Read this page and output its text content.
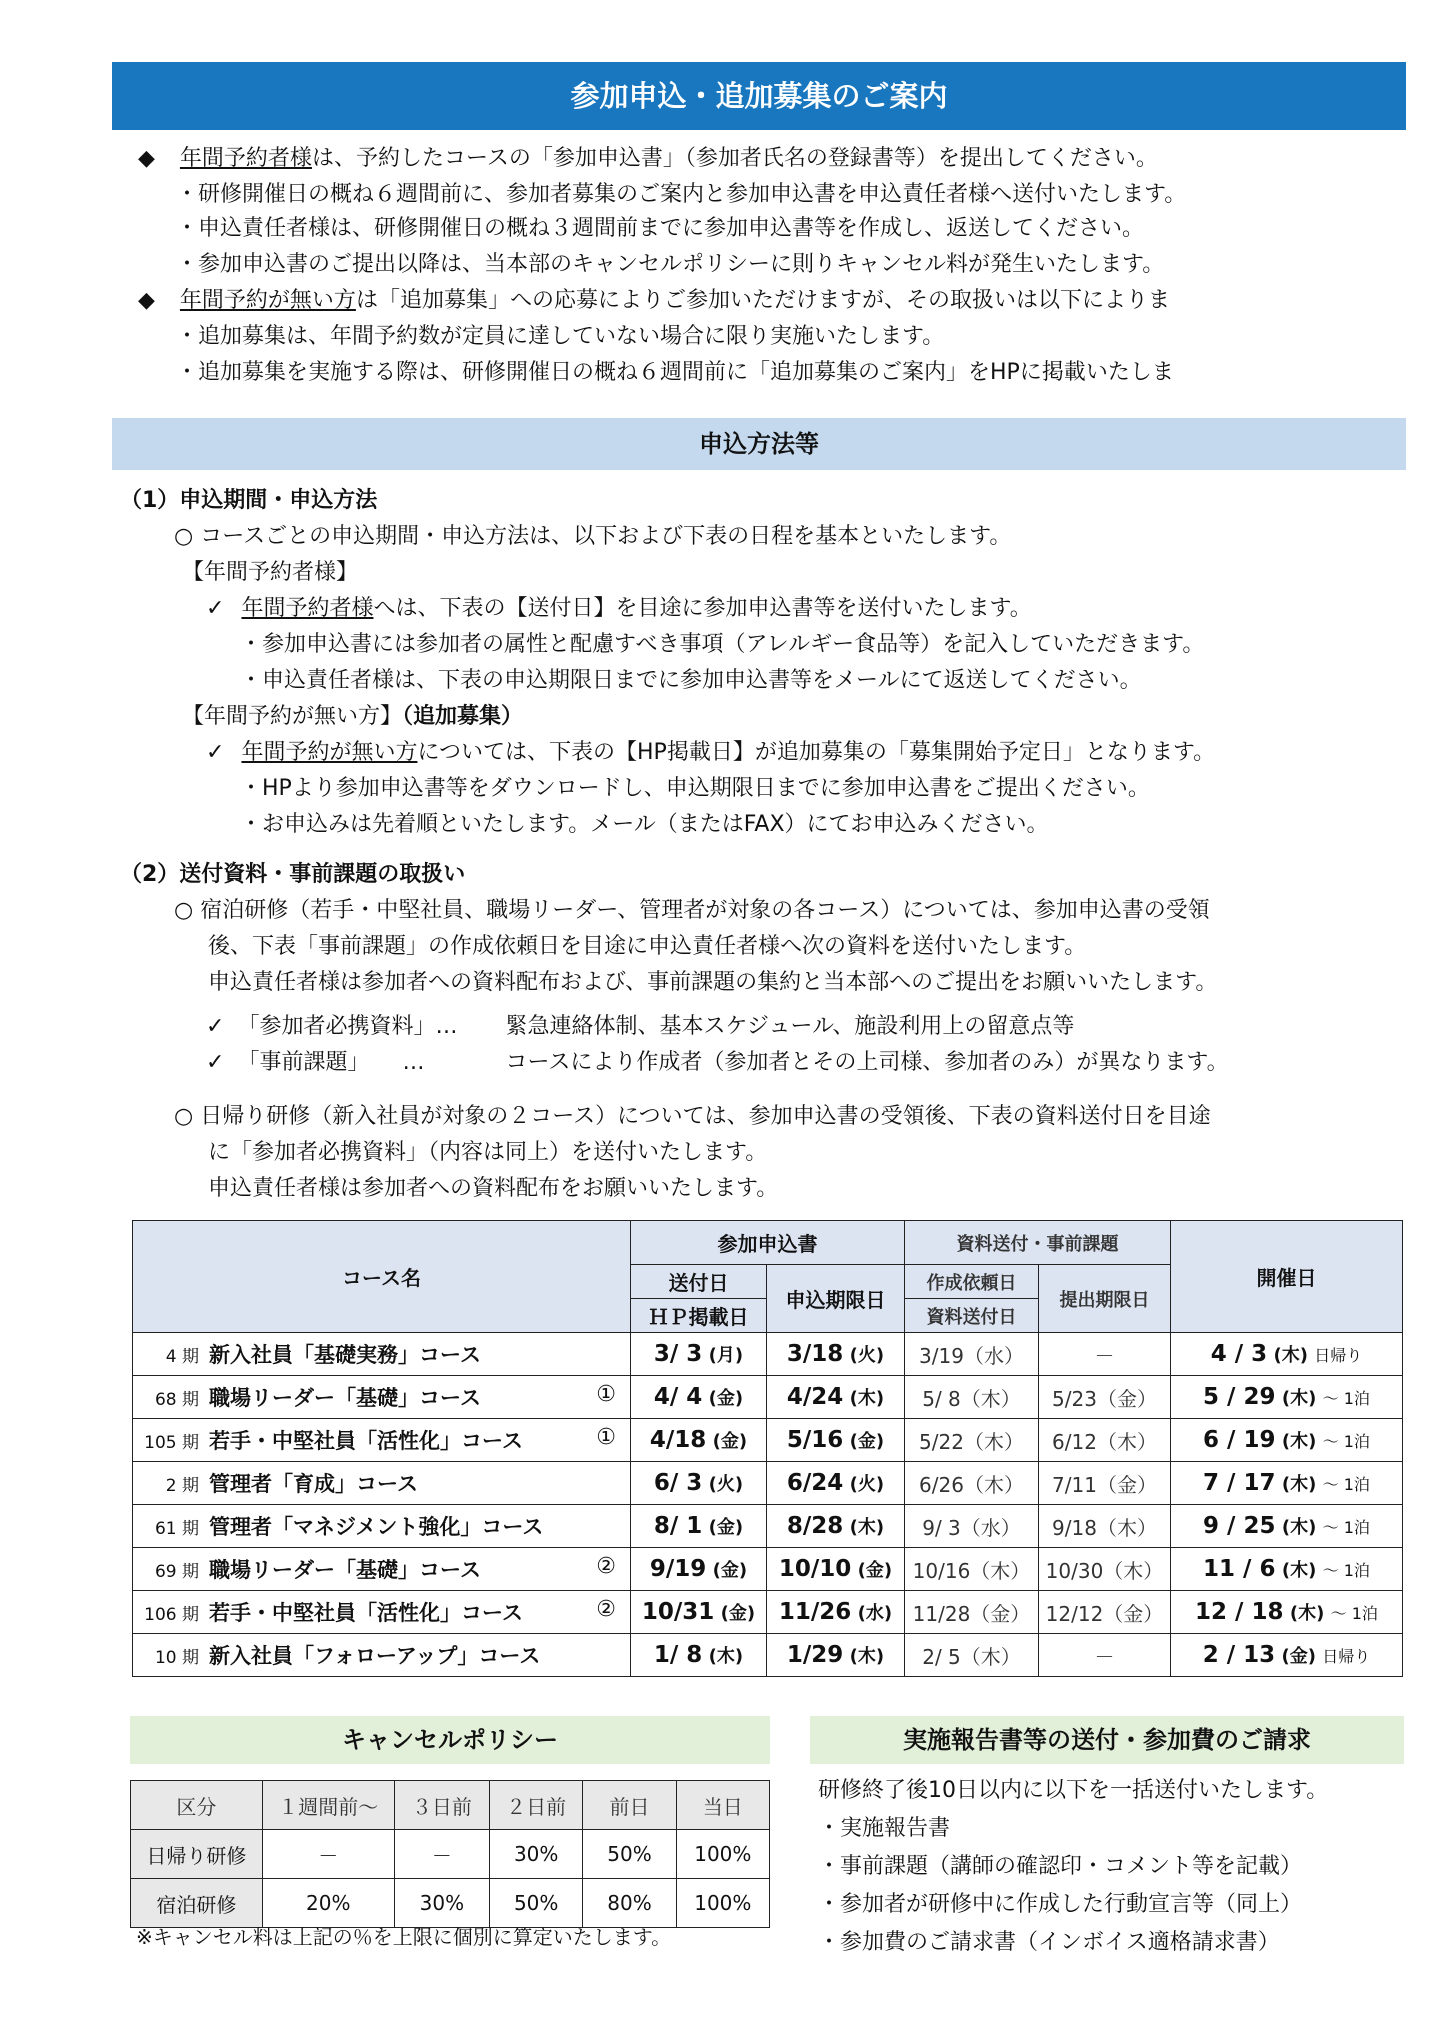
参加申込・追加募集のご案内
◆ 年間予約者様は、予約したコースの「参加申込書」（参加者氏名の登録書等）を提出してください。
・研修開催日の概ね６週間前に、参加者募集のご案内と参加申込書を申込責任者様へ送付いたします。
・申込責任者様は、研修開催日の概ね３週間前までに参加申込書等を作成し、返送してください。
・参加申込書のご提出以降は、当本部のキャンセルポリシーに則りキャンセル料が発生いたします。
◆ 年間予約が無い方は「追加募集」への応募によりご参加いただけますが、その取扱いは以下によりま
・追加募集は、年間予約数が定員に達していない場合に限り実施いたします。
・追加募集を実施する際は、研修開催日の概ね６週間前に「追加募集のご案内」をHPに掲載いたしま
申込方法等
（1）申込期間・申込方法
○ コースごとの申込期間・申込方法は、以下および下表の日程を基本といたします。
【年間予約者様】
✓ 年間予約者様へは、下表の【送付日】を目途に参加申込書等を送付いたします。
・参加申込書には参加者の属性と配慮すべき事項（アレルギー食品等）を記入していただきます。
・申込責任者様は、下表の申込期限日までに参加申込書等をメールにて返送してください。
【年間予約が無い方】（追加募集）
✓ 年間予約が無い方については、下表の【HP掲載日】が追加募集の「募集開始予定日」となります。
・HPより参加申込書等をダウンロードし、申込期限日までに参加申込書をご提出ください。
・お申込みは先着順といたします。メール（またはFAX）にてお申込みください。
（2）送付資料・事前課題の取扱い
○ 宿泊研修（若手・中堅社員、職場リーダー、管理者が対象の各コース）については、参加申込書の受領
後、下表「事前課題」の作成依頼日を目途に申込責任者様へ次の資料を送付いたします。
申込責任者様は参加者への資料配布および、事前課題の集約と当本部へのご提出をお願いいたします。
✓ 「参加者必携資料」… 緊急連絡体制、基本スケジュール、施設利用上の留意点等
✓ 「事前課題」　　…	コースにより作成者（参加者とその上司様、参加者のみ）が異なります。
○ 日帰り研修（新入社員が対象の２コース）については、参加申込書の受領後、下表の資料送付日を目途
に「参加者必携資料」（内容は同上）を送付いたします。
申込責任者様は参加者への資料配布をお願いいたします。
コース名	参加申込書		資料送付・事前課題		開催日
	送付日	申込期限日	作成依頼日	提出期限日	
	ＨＰ掲載日		資料送付日		
4 期 新入社員「基礎実務」コース	3/ 3 (月)	3/18 (火)	3/19（水）	－	4 / 3 (木) 日帰り
68 期 職場リーダー「基礎」コース ①	4/ 4 (金)	4/24 (木)	5/ 8（木）	5/23（金）	5 / 29 (木) ～ 1泊
105 期 若手・中堅社員「活性化」コース ①	4/18 (金)	5/16 (金)	5/22（木）	6/12（木）	6 / 19 (木) ～ 1泊
2 期 管理者「育成」コース	6/ 3 (火)	6/24 (火)	6/26（木）	7/11（金）	7 / 17 (木) ～ 1泊
61 期 管理者「マネジメント強化」コース	8/ 1 (金)	8/28 (木)	9/ 3（水）	9/18（木）	9 / 25 (木) ～ 1泊
69 期 職場リーダー「基礎」コース ②	9/19 (金)	10/10 (金)	10/16（木）	10/30（木）	11 / 6 (木) ～ 1泊
106 期 若手・中堅社員「活性化」コース ②	10/31 (金)	11/26 (水)	11/28（金）	12/12（金）	12 / 18 (木) ～ 1泊
10 期 新入社員「フォローアップ」コース	1/ 8 (木)	1/29 (木)	2/ 5（木）	－	2 / 13 (金) 日帰り
キャンセルポリシー
区分	１週間前～	３日前	２日前	前日	当日
日帰り研修	－	－	30%	50%	100%
宿泊研修	20%	30%	50%	80%	100%
※キャンセル料は上記の％を上限に個別に算定いたします。
実施報告書等の送付・参加費のご請求
研修終了後10日以内に以下を一括送付いたします。
・実施報告書
・事前課題（講師の確認印・コメント等を記載）
・参加者が研修中に作成した行動宣言等（同上）
・参加費のご請求書（インボイス適格請求書）
